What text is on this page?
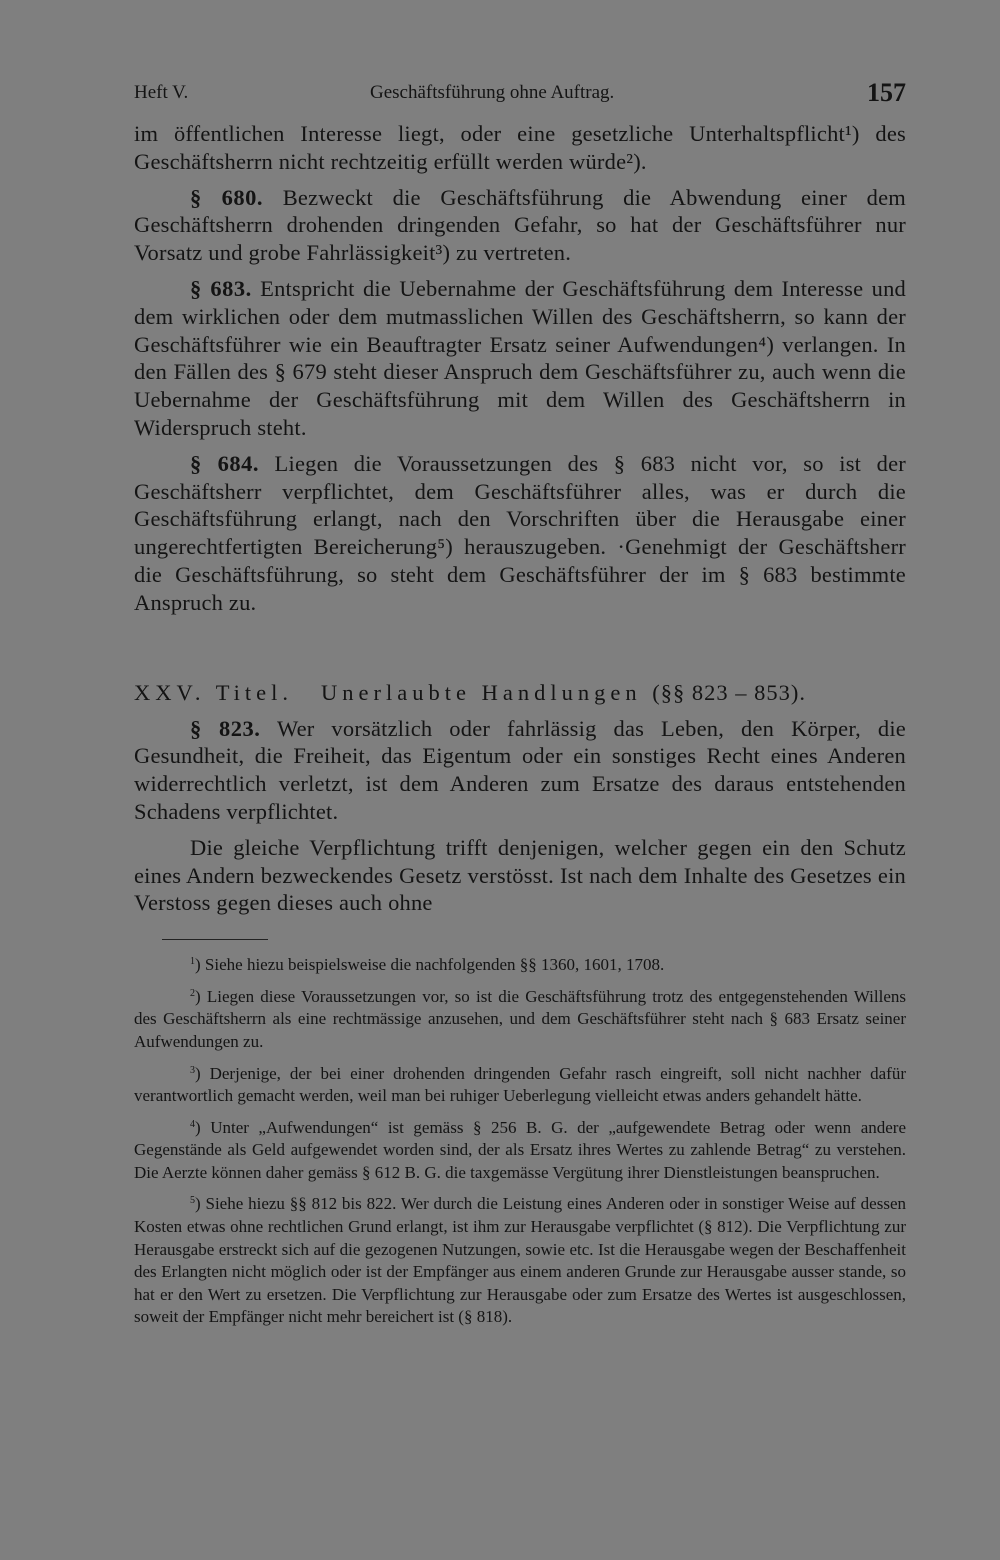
Heft V.	Geschäftsführung ohne Auftrag.	157

im öffentlichen Interesse liegt, oder eine gesetzliche Unterhaltspflicht¹) des Geschäftsherrn nicht rechtzeitig erfüllt werden würde²).

§ 680. Bezweckt die Geschäftsführung die Abwendung einer dem Geschäftsherrn drohenden dringenden Gefahr, so hat der Geschäftsführer nur Vorsatz und grobe Fahrlässigkeit³) zu vertreten.

§ 683. Entspricht die Uebernahme der Geschäftsführung dem Interesse und dem wirklichen oder dem mutmasslichen Willen des Geschäftsherrn, so kann der Geschäftsführer wie ein Beauftragter Ersatz seiner Aufwendungen⁴) verlangen. In den Fällen des § 679 steht dieser Anspruch dem Geschäftsführer zu, auch wenn die Uebernahme der Geschäftsführung mit dem Willen des Geschäftsherrn in Widerspruch steht.

§ 684. Liegen die Voraussetzungen des § 683 nicht vor, so ist der Geschäftsherr verpflichtet, dem Geschäftsführer alles, was er durch die Geschäftsführung erlangt, nach den Vorschriften über die Herausgabe einer ungerechtfertigten Bereicherung⁵) herauszugeben. ·Genehmigt der Geschäftsherr die Geschäftsführung, so steht dem Geschäftsführer der im § 683 bestimmte Anspruch zu.

XXV. Titel. Unerlaubte Handlungen (§§ 823 – 853).

§ 823. Wer vorsätzlich oder fahrlässig das Leben, den Körper, die Gesundheit, die Freiheit, das Eigentum oder ein sonstiges Recht eines Anderen widerrechtlich verletzt, ist dem Anderen zum Ersatze des daraus entstehenden Schadens verpflichtet.

Die gleiche Verpflichtung trifft denjenigen, welcher gegen ein den Schutz eines Andern bezweckendes Gesetz verstösst. Ist nach dem Inhalte des Gesetzes ein Verstoss gegen dieses auch ohne

$^1$) Siehe hiezu beispielsweise die nachfolgenden §§ 1360, 1601, 1708.

$^2$) Liegen diese Voraussetzungen vor, so ist die Geschäftsführung trotz des entgegenstehenden Willens des Geschäftsherrn als eine rechtmässige anzusehen, und dem Geschäftsführer steht nach § 683 Ersatz seiner Aufwendungen zu.

$^3$) Derjenige, der bei einer drohenden dringenden Gefahr rasch eingreift, soll nicht nachher dafür verantwortlich gemacht werden, weil man bei ruhiger Ueberlegung vielleicht etwas anders gehandelt hätte.

$^4$) Unter „Aufwendungen“ ist gemäss § 256 B. G. der „aufgewendete Betrag oder wenn andere Gegenstände als Geld aufgewendet worden sind, der als Ersatz ihres Wertes zu zahlende Betrag“ zu verstehen. Die Aerzte können daher gemäss § 612 B. G. die taxgemässe Vergütung ihrer Dienstleistungen beanspruchen.

$^5$) Siehe hiezu §§ 812 bis 822. Wer durch die Leistung eines Anderen oder in sonstiger Weise auf dessen Kosten etwas ohne rechtlichen Grund erlangt, ist ihm zur Herausgabe verpflichtet (§ 812). Die Verpflichtung zur Herausgabe erstreckt sich auf die gezogenen Nutzungen, sowie etc. Ist die Herausgabe wegen der Beschaffenheit des Erlangten nicht möglich oder ist der Empfänger aus einem anderen Grunde zur Herausgabe ausser stande, so hat er den Wert zu ersetzen. Die Verpflichtung zur Herausgabe oder zum Ersatze des Wertes ist ausgeschlossen, soweit der Empfänger nicht mehr bereichert ist (§ 818).
